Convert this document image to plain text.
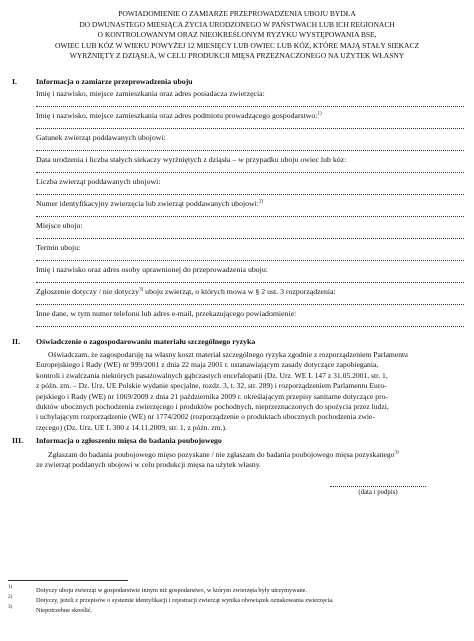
POWIADOMIENIE O ZAMIARZE PRZEPROWADZENIA UBOJU BYDŁA
DO DWUNASTEGO MIESIĄCA ŻYCIA URODZONEGO W PAŃSTWACH LUB ICH REGIONACH
O KONTROLOWANYM ORAZ NIEOKREŚLONYM RYZYKU WYSTĘPOWANIA BSE,
OWIEC LUB KÓZ W WIEKU POWYŻEJ 12 MIESIĘCY LUB OWIEC LUB KÓZ, KTÓRE MAJĄ STAŁY SIEKACZ
WYRŻNIĘTY Z DZIĄSŁA, W CELU PRODUKCJI MIĘSA PRZEZNACZONEGO NA UŻYTEK WŁASNY
I. Informacja o zamiarze przeprowadzenia uboju
Imię i nazwisko, miejsce zamieszkania oraz adres posiadacza zwierzęcia:
Imię i nazwisko, miejsce zamieszkania oraz adres podmiotu prowadzącego gospodarstwo:$^{1)}$
Gatunek zwierząt poddawanych ubojowi:
Data urodzenia i liczba stałych siekaczy wyrżniętych z dziąsła – w przypadku uboju owiec lub kóz:
Liczba zwierząt poddawanych ubojowi:
Numer identyfikacyjny zwierzęcia lub zwierząt poddawanych ubojowi:$^{2)}$
Miejsce uboju:
Termin uboju:
Imię i nazwisko oraz adres osoby uprawnionej do przeprowadzenia uboju:
Zgłoszenie dotyczy / nie dotyczy$^{3)}$ uboju zwierząt, o których mowa w § 2 ust. 3 rozporządzenia:
Inne dane, w tym numer telefonu lub adres e-mail, przekazującego powiadomienie:
II. Oświadczenie o zagospodarowaniu materiału szczególnego ryzyka
Oświadczam, że zagospodaruję na własny koszt materiał szczególnego ryzyka zgodnie z rozporządzeniem Parlamentu
Europejskiego i Rady (WE) nr 999/2001 z dnia 22 maja 2001 r. ustanawiającym zasady dotyczące zapobiegania,
kontroli i zwalczania niektórych pasażowalnych gąbczastych encefalopatii (Dz. Urz. WE L 147 z 31.05.2001, str. 1,
z późn. zm. – Dz. Urz. UE Polskie wydanie specjalne, rozdz. 3, t. 32, str. 289) i rozporządzeniem Parlamentu Euro-
pejskiego i Rady (WE) nr 1069/2009 z dnia 21 października 2009 r. określającym przepisy sanitarne dotyczące pro-
duktów ubocznych pochodzenia zwierzęcego i produktów pochodnych, nieprzeznaczonych do spożycia przez ludzi,
i uchylającym rozporządzenie (WE) nr 1774/2002 (rozporządzenie o produktach ubocznych pochodzenia zwie-
rzęcego) (Dz. Urz. UE L 300 z 14.11.2009, str. 1, z późn. zm.).
III. Informacja o zgłoszeniu mięsa do badania poubojowego
Zgłaszam do badania poubojowego mięso pozyskane / nie zgłaszam do badania poubojowego mięsa pozyskanego$^{3)}$
ze zwierząt poddanych ubojowi w celu produkcji mięsa na użytek własny.
(data i podpis)
1)	Dotyczy uboju zwierząt w gospodarstwie innym niż gospodarstwo, w którym zwierzęta były utrzymywane.
2)	Dotyczy, jeżeli z przepisów o systemie identyfikacji i rejestracji zwierząt wynika obowiązek oznakowania zwierzęcia.
3)	Niepotrzebne skreślić.
